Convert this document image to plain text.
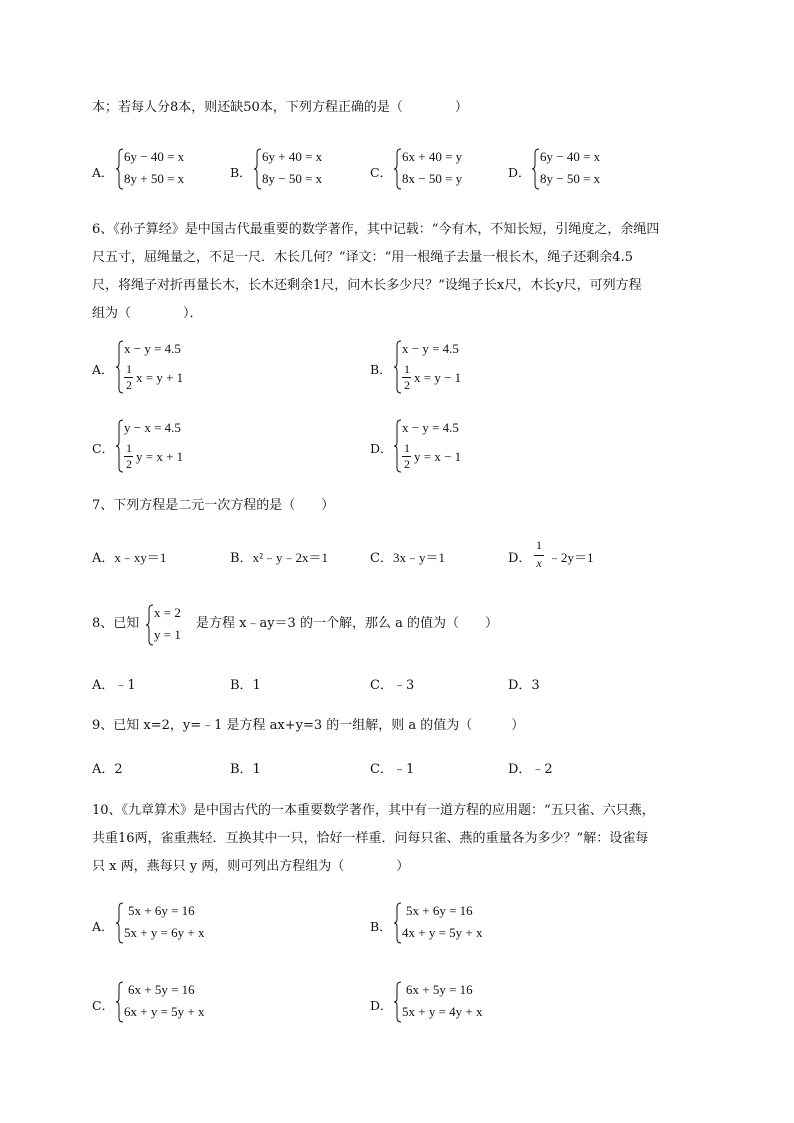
本；若每人分8本，则还缺50本，下列方程正确的是（　　　　）
A．
6y − 40 = x
8y + 50 = x	B．
6y + 40 = x
8y − 50 = x	C．
6x + 40 = y
8x − 50 = y	D．
6y − 40 = x
8y − 50 = x

6、《孙子算经》是中国古代最重要的数学著作，其中记载：“今有木，不知长短，引绳度之，余绳四

尺五寸，屈绳量之，不足一尺．木长几何？”译文：“用一根绳子去量一根长木，绳子还剩余4.5

尺，将绳子对折再量长木，长木还剩余1尺，问木长多少尺？”设绳子长x尺，木长y尺，可列方程

组为（　　　　）．

A．
x − y = 4.5
1
2 x = y + 1
B．
x − y = 4.5
1
2 x = y − 1
C．
y − x = 4.5
1
2 y = x + 1
D．
x − y = 4.5
1
2 y = x − 1
7、下列方程是二元一次方程的是（　　）
A．x﹣xy＝1	B．x²﹣y﹣2x＝1	C．3x﹣y＝1	D．
1
x ﹣2y＝1
8、已知
x = 2
y = 1
是方程 x﹣ay＝3 的一个解，那么 a 的值为（　　）
A．﹣1	B．1	C．﹣3	D．3
9、已知 x=2，y=﹣1 是方程 ax+y=3 的一组解，则 a 的值为（　　　）
A．2	B．1	C．﹣1	D．﹣2

10、《九章算术》是中国古代的一本重要数学著作，其中有一道方程的应用题：“五只雀、六只燕，

共重16两，雀重燕轻．互换其中一只，恰好一样重．问每只雀、燕的重量各为多少？”解：设雀每

只 x 两，燕每只 y 两，则可列出方程组为（　　　　）

A．
5x + 6y = 16
5x + y = 6y + x	B．
5x + 6y = 16
4x + y = 5y + x
C．
6x + 5y = 16
6x + y = 5y + x	D．
6x + 5y = 16
5x + y = 4y + x
